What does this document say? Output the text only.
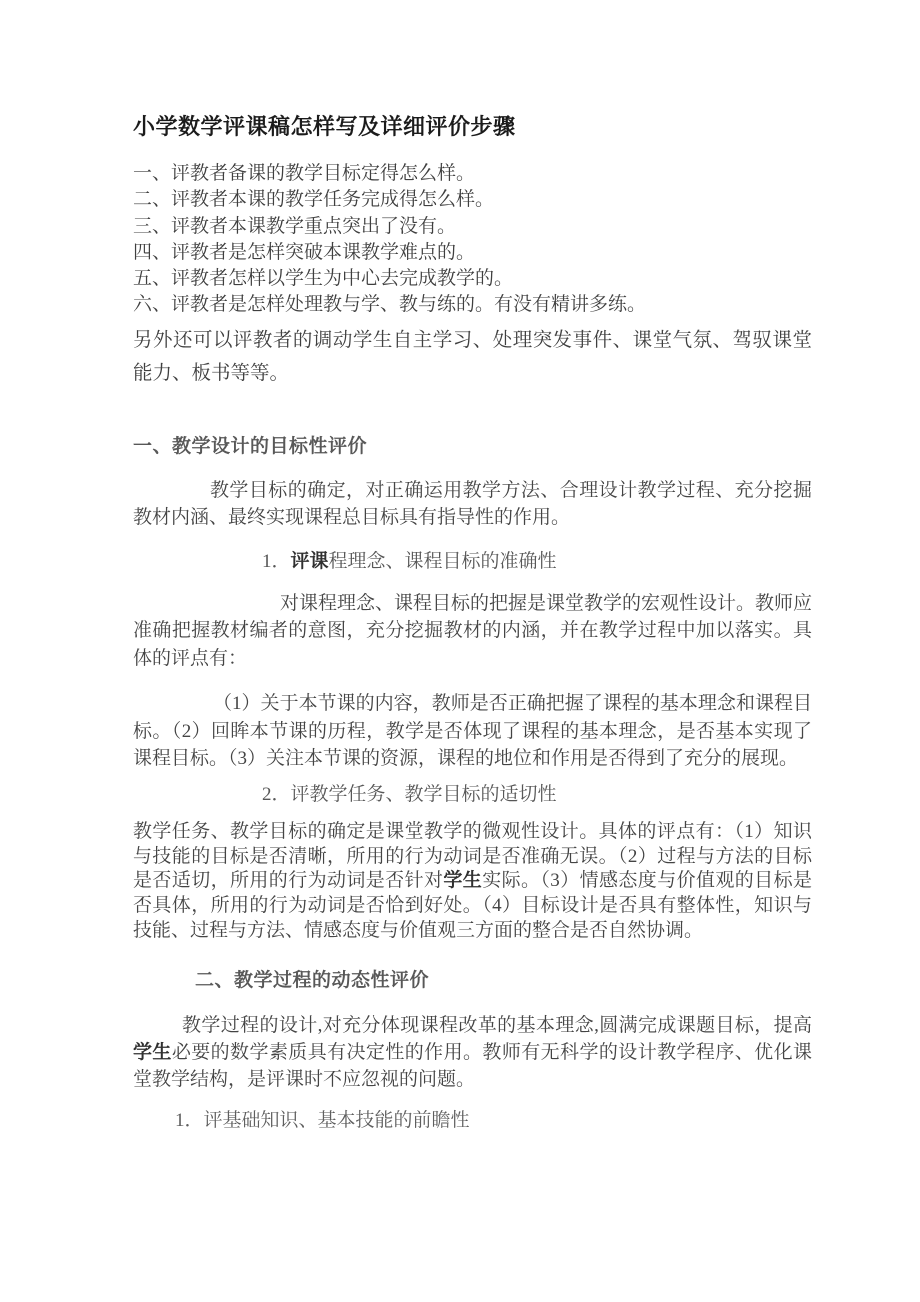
小学数学评课稿怎样写及详细评价步骤
一、评教者备课的教学目标定得怎么样。
二、评教者本课的教学任务完成得怎么样。
三、评教者本课教学重点突出了没有。
四、评教者是怎样突破本课教学难点的。
五、评教者怎样以学生为中心去完成教学的。
六、评教者是怎样处理教与学、教与练的。有没有精讲多练。
另外还可以评教者的调动学生自主学习、处理突发事件、课堂气氛、驾驭课堂能力、板书等等。
一、教学设计的目标性评价
教学目标的确定，对正确运用教学方法、合理设计教学过程、充分挖掘教材内涵、最终实现课程总目标具有指导性的作用。
1．评课程理念、课程目标的准确性
对课程理念、课程目标的把握是课堂教学的宏观性设计。教师应准确把握教材编者的意图，充分挖掘教材的内涵，并在教学过程中加以落实。具体的评点有：
（1）关于本节课的内容，教师是否正确把握了课程的基本理念和课程目标。（2）回眸本节课的历程，教学是否体现了课程的基本理念，是否基本实现了课程目标。（3）关注本节课的资源，课程的地位和作用是否得到了充分的展现。
2．评教学任务、教学目标的适切性
教学任务、教学目标的确定是课堂教学的微观性设计。具体的评点有：（1）知识与技能的目标是否清晰，所用的行为动词是否准确无误。（2）过程与方法的目标是否适切，所用的行为动词是否针对学生实际。（3）情感态度与价值观的目标是否具体，所用的行为动词是否恰到好处。（4）目标设计是否具有整体性，知识与技能、过程与方法、情感态度与价值观三方面的整合是否自然协调。
二、教学过程的动态性评价
教学过程的设计,对充分体现课程改革的基本理念,圆满完成课题目标，提高学生必要的数学素质具有决定性的作用。教师有无科学的设计教学程序、优化课堂教学结构，是评课时不应忽视的问题。
1．评基础知识、基本技能的前瞻性
